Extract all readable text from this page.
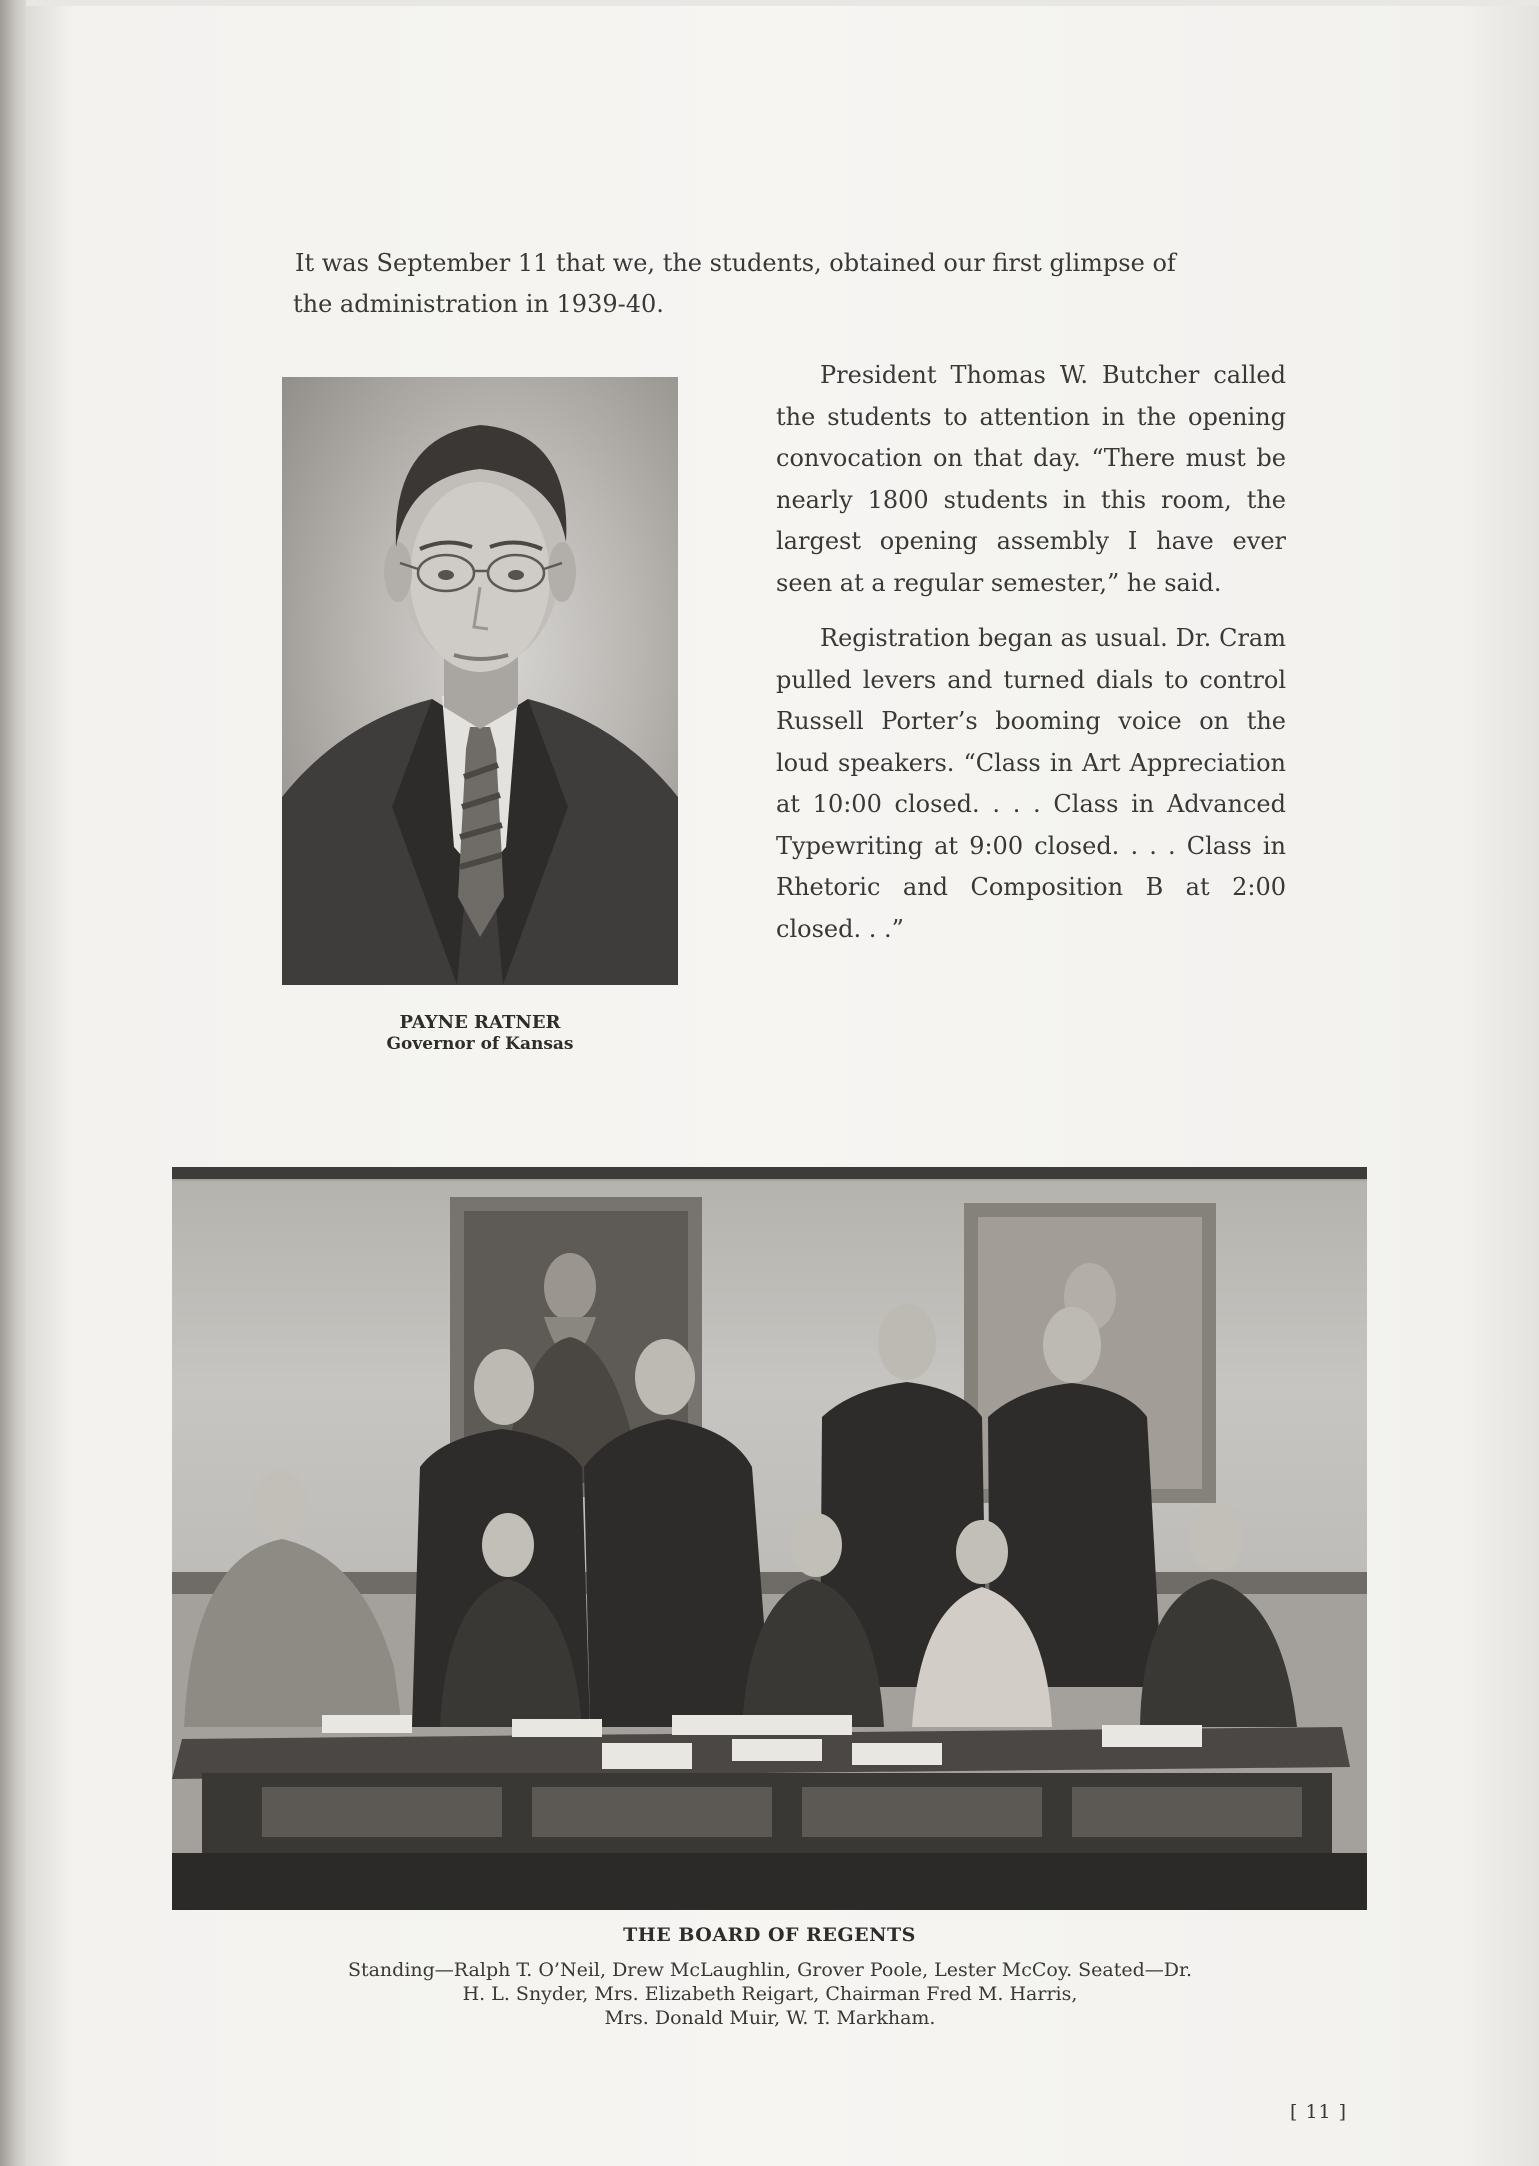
It was September 11 that we, the students, obtained our first glimpse of
the administration in 1939-40.

PAYNE RATNER

Governor of Kansas

President Thomas W. Butcher called the students to attention in the opening convocation on that day. “There must be nearly 1800 students in this room, the largest opening assembly I have ever seen at a regular semester,” he said.

Registration began as usual. Dr. Cram pulled levers and turned dials to control Russell Porter’s booming voice on the loud speakers. “Class in Art Appreciation at 10:00 closed. . . . Class in Advanced Typewriting at 9:00 closed. . . . Class in Rhetoric and Composition B at 2:00 closed. . .”

THE BOARD OF REGENTS

Standing—Ralph T. O’Neil, Drew McLaughlin, Grover Poole, Lester McCoy. Seated—Dr.
H. L. Snyder, Mrs. Elizabeth Reigart, Chairman Fred M. Harris,
Mrs. Donald Muir, W. T. Markham.

[ 11 ]
